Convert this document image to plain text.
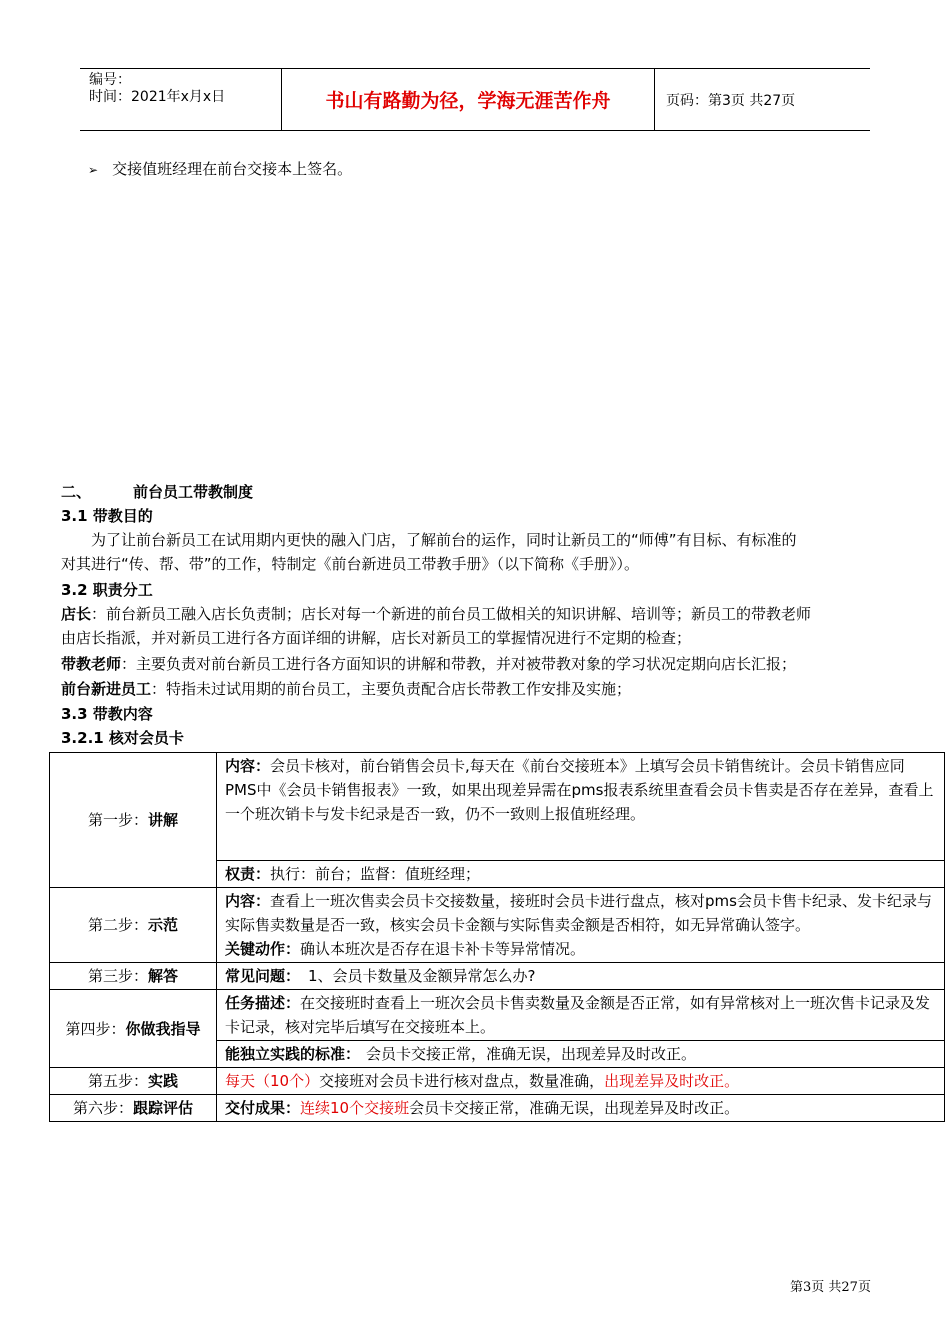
编号：
时间：2021年x月x日	书山有路勤为径，学海无涯苦作舟	页码：第3页 共27页
➢ 交接值班经理在前台交接本上签名。
二、	前台员工带教制度
3.1 带教目的
为了让前台新员工在试用期内更快的融入门店，了解前台的运作，同时让新员工的“师傅”有目标、有标准的
对其进行“传、帮、带”的工作，特制定《前台新进员工带教手册》（以下简称《手册》）。
3.2 职责分工
店长：前台新员工融入店长负责制；店长对每一个新进的前台员工做相关的知识讲解、培训等；新员工的带教老师
由店长指派，并对新员工进行各方面详细的讲解，店长对新员工的掌握情况进行不定期的检查；
带教老师：主要负责对前台新员工进行各方面知识的讲解和带教，并对被带教对象的学习状况定期向店长汇报；
前台新进员工：特指未过试用期的前台员工，主要负责配合店长带教工作安排及实施；
3.3 带教内容
3.2.1 核对会员卡
第一步：讲解	内容：会员卡核对，前台销售会员卡,每天在《前台交接班本》上填写会员卡销售统计。会员卡销售应同PMS中《会员卡销售报表》一致，如果出现差异需在pms报表系统里查看会员卡售卖是否存在差异，查看上一个班次销卡与发卡纪录是否一致，仍不一致则上报值班经理。
	权责：执行：前台；监督：值班经理；
第二步：示范	内容：查看上一班次售卖会员卡交接数量，接班时会员卡进行盘点，核对pms会员卡售卡纪录、发卡纪录与实际售卖数量是否一致，核实会员卡金额与实际售卖金额是否相符，如无异常确认签字。
关键动作：确认本班次是否存在退卡补卡等异常情况。

第三步：解答	常见问题： 1、会员卡数量及金额异常怎么办?
第四步：你做我指导	任务描述：在交接班时查看上一班次会员卡售卖数量及金额是否正常，如有异常核对上一班次售卡记录及发卡记录，核对完毕后填写在交接班本上。
	能独立实践的标准： 会员卡交接正常，准确无误，出现差异及时改正。
第五步：实践	每天（10个）交接班对会员卡进行核对盘点，数量准确，出现差异及时改正。
第六步：跟踪评估	交付成果：连续10个交接班会员卡交接正常，准确无误，出现差异及时改正。
第3页 共27页
